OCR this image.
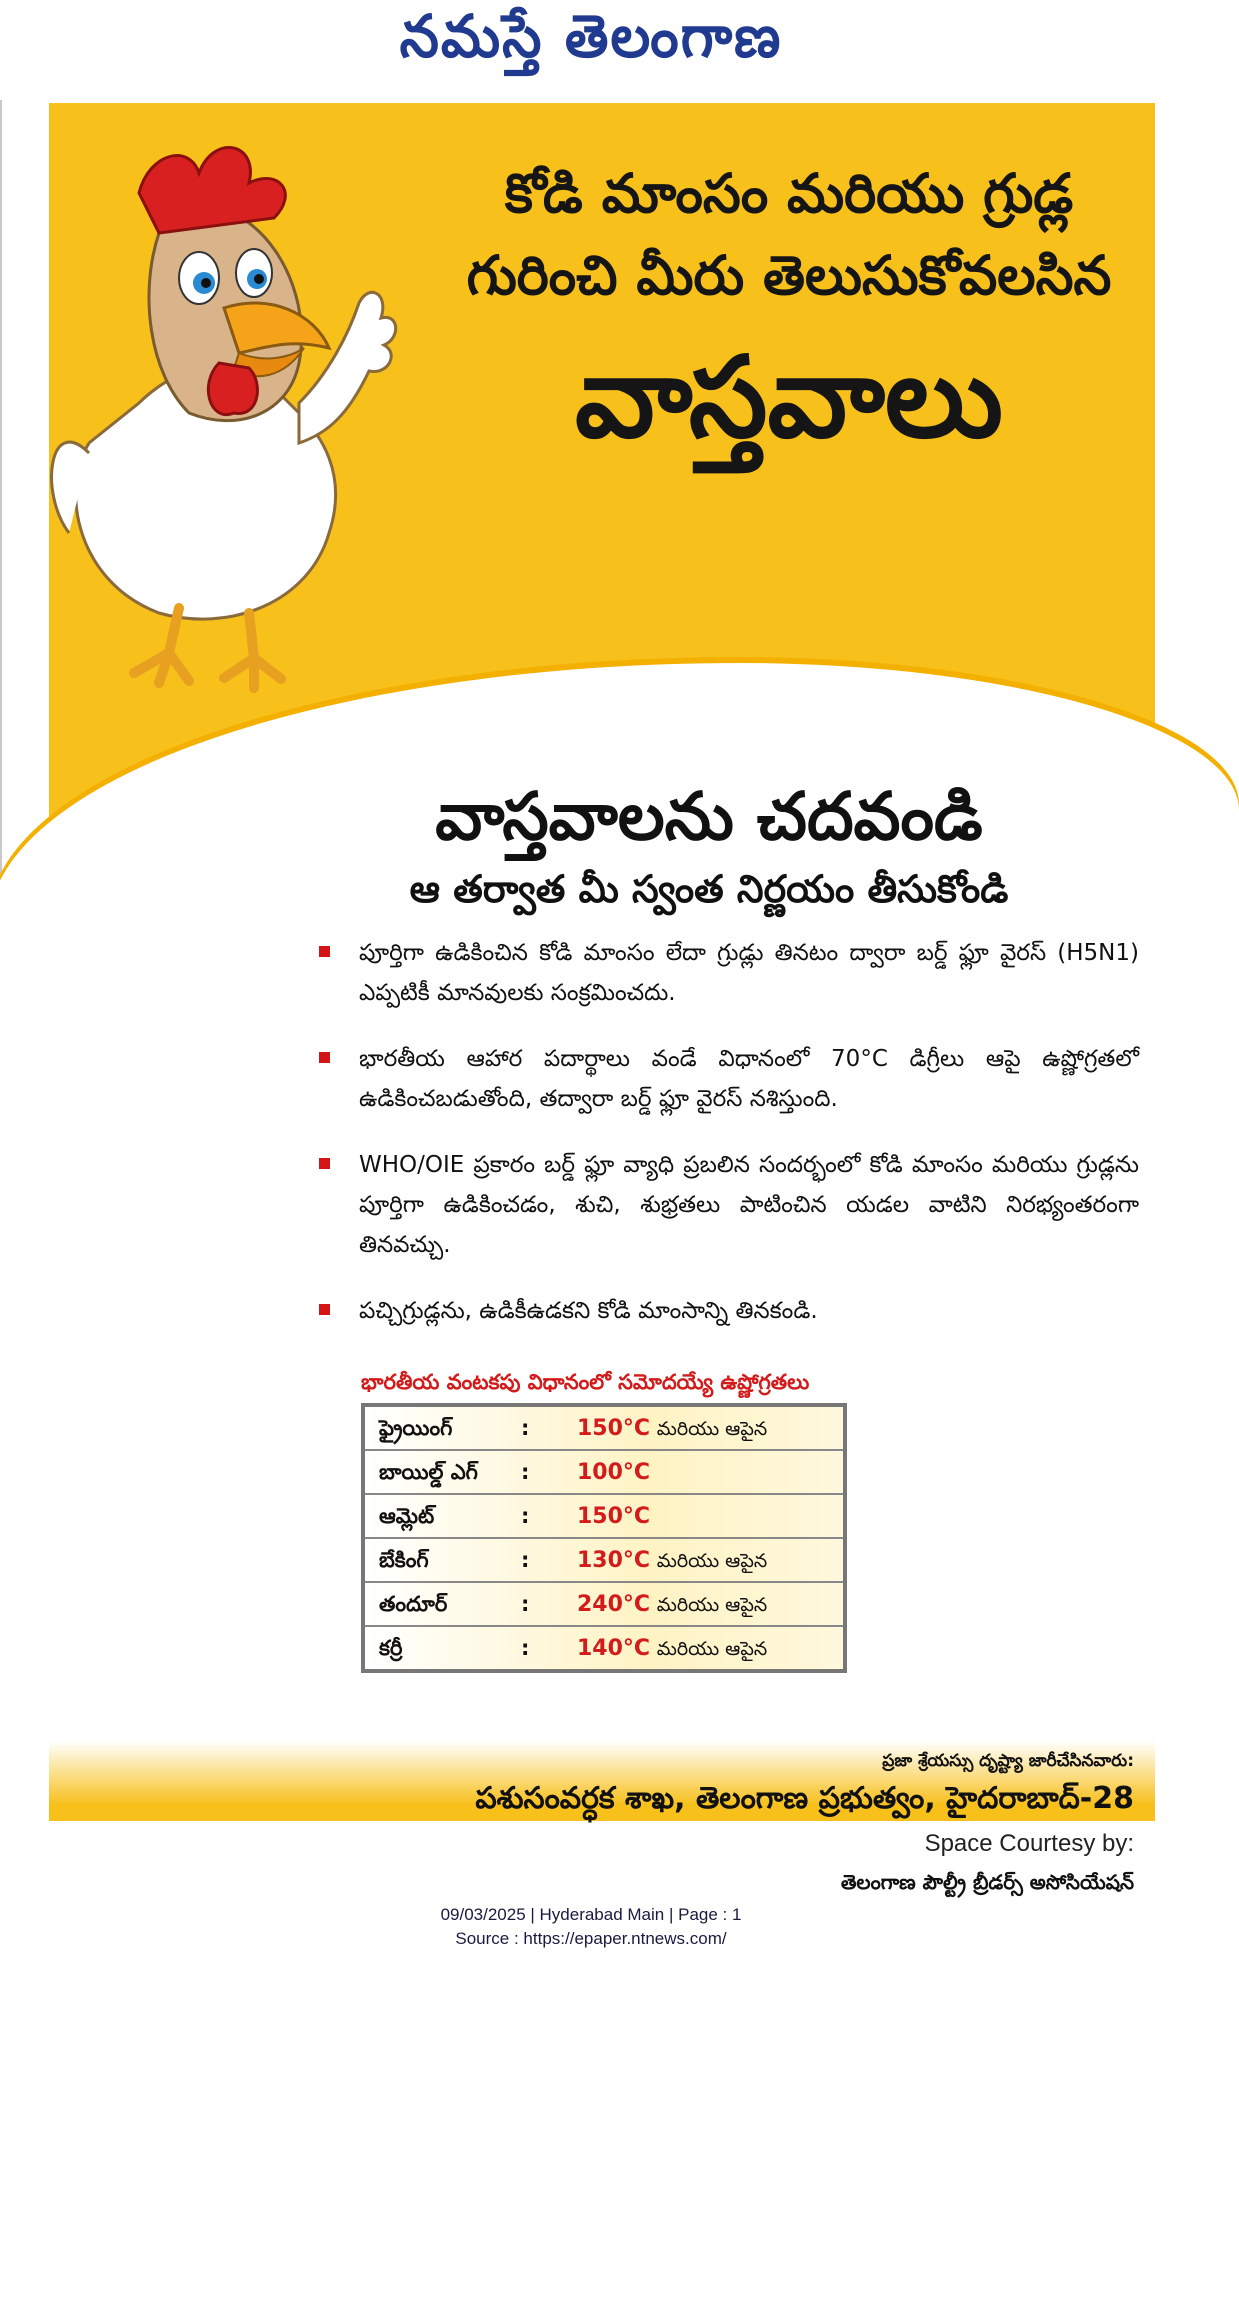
నమస్తే తెలంగాణ
కోడి మాంసం మరియు గ్రుడ్ల
గురించి మీరు తెలుసుకోవలసిన
వాస్తవాలు
వాస్తవాలను చదవండి
ఆ తర్వాత మీ స్వంత నిర్ణయం తీసుకోండి
పూర్తిగా ఉడికించిన కోడి మాంసం లేదా గ్రుడ్లు తినటం ద్వారా బర్డ్ ఫ్లూ వైరస్ (H5N1) ఎప్పటికీ మానవులకు సంక్రమించదు.
భారతీయ ఆహార పదార్థాలు వండే విధానంలో 70°C డిగ్రీలు ఆపై ఉష్ణోగ్రతలో ఉడికించబడుతోంది, తద్వారా బర్డ్ ఫ్లూ వైరస్ నశిస్తుంది.
WHO/OIE ప్రకారం బర్డ్ ఫ్లూ వ్యాధి ప్రబలిన సందర్భంలో కోడి మాంసం మరియు గ్రుడ్లను పూర్తిగా ఉడికించడం, శుచి, శుభ్రతలు పాటించిన యడల వాటిని నిరభ్యంతరంగా తినవచ్చు.
పచ్చిగ్రుడ్లను, ఉడికీఉడకని కోడి మాంసాన్ని తినకండి.
భారతీయ వంటకపు విధానంలో సమోదయ్యే ఉష్ణోగ్రతలు
ఫ్రైయింగ్	: 150°C మరియు ఆపైన
బాయిల్డ్ ఎగ్ : 100°C
ఆమ్లెట్	: 150°C
బేకింగ్	: 130°C మరియు ఆపైన
తందూర్	: 240°C మరియు ఆపైన
కర్రీ	: 140°C మరియు ఆపైన
ప్రజా శ్రేయస్సు దృష్ట్యా జారీచేసినవారు:
పశుసంవర్ధక శాఖ, తెలంగాణ ప్రభుత్వం, హైదరాబాద్-28
Space Courtesy by:
తెలంగాణ పౌల్ట్రీ బ్రీడర్స్ అసోసియేషన్
09/03/2025 | Hyderabad Main | Page : 1
Source : https://epaper.ntnews.com/
